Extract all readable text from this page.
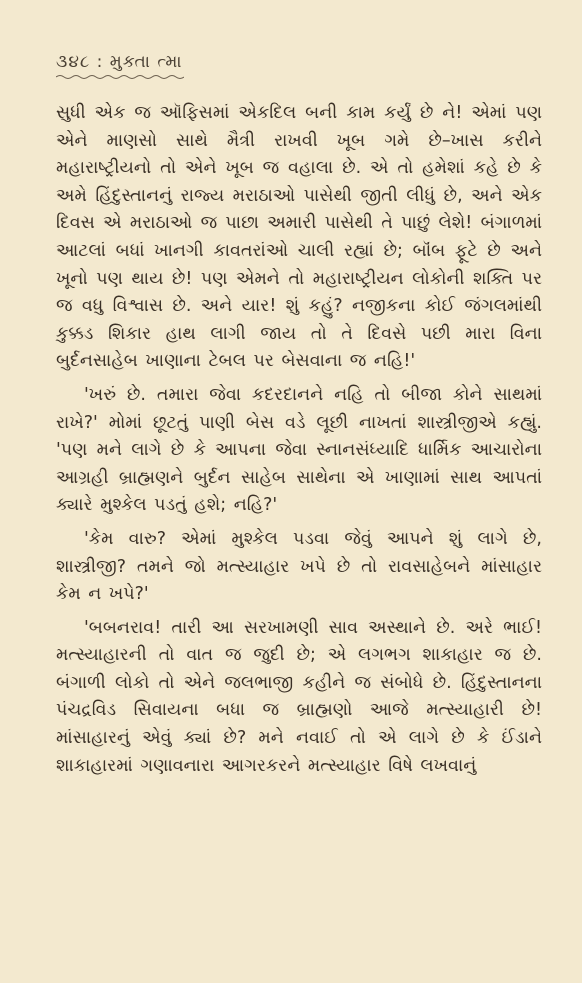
૩૪૮ : મુક્તા ત્મા

સુધી એક જ ઑફિસમાં એકદિલ બની કામ કર્યું છે ને! એમાં પણ એને માણસો સાથે મૈત્રી રાખવી ખૂબ ગમે છે–ખાસ કરીને મહારાષ્ટ્રીયનો તો એને ખૂબ જ વહાલા છે. એ તો હમેશાં કહે છે કે અમે હિંદુસ્તાનનું રાજ્ય મરાઠાઓ પાસેથી જીતી લીધું છે, અને એક દિવસ એ મરાઠાઓ જ પાછા અમારી પાસેથી તે પાછું લેશે! બંગાળમાં આટલાં બધાં ખાનગી કાવતરાંઓ ચાલી રહ્યાં છે; બૉંબ ફૂટે છે અને ખૂનો પણ થાય છે! પણ એમને તો મહારાષ્ટ્રીયન લોકોની શક્તિ પર જ વધુ વિશ્વાસ છે. અને યાર! શું કહું? નજીકના કોઈ જંગલમાંથી કુક્કડ શિકાર હાથ લાગી જાય તો તે દિવસે પછી મારા વિના બુર્દનસાહેબ ખાણાના ટેબલ પર બેસવાના જ નહિ!'

'ખરું છે. તમારા જેવા કદરદાનને નહિ તો બીજા કોને સાથમાં રાખે?' મોમાં છૂટતું પાણી બેસ વડે લૂછી નાખતાં શાસ્ત્રીજીએ કહ્યું. 'પણ મને લાગે છે કે આપના જેવા સ્નાનસંધ્યાદિ ધાર્મિક આચારોના આગ્રહી બ્રાહ્મણને બુર્દન સાહેબ સાથેના એ ખાણામાં સાથ આપતાં ક્યારે મુશ્કેલ પડતું હશે; નહિ?'

'કેમ વારુ? એમાં મુશ્કેલ પડવા જેવું આપને શું લાગે છે, શાસ્ત્રીજી? તમને જો મત્સ્યાહાર ખપે છે તો રાવસાહેબને માંસાહાર કેમ ન ખપે?'

'બબનરાવ! તારી આ સરખામણી સાવ અસ્થાને છે. અરે ભાઈ! મત્સ્યાહારની તો વાત જ જુદી છે; એ લગભગ શાકાહાર જ છે. બંગાળી લોકો તો એને જલભાજી કહીને જ સંબોધે છે. હિંદુસ્તાનના પંચદ્રવિડ સિવાયના બધા જ બ્રાહ્મણો આજે મત્સ્યાહારી છે! માંસાહારનું એવું ક્યાં છે? મને નવાઈ તો એ લાગે છે કે ઈંડાને શાકાહારમાં ગણાવનારા આગરકરને મત્સ્યાહાર વિષે લખવાનું
